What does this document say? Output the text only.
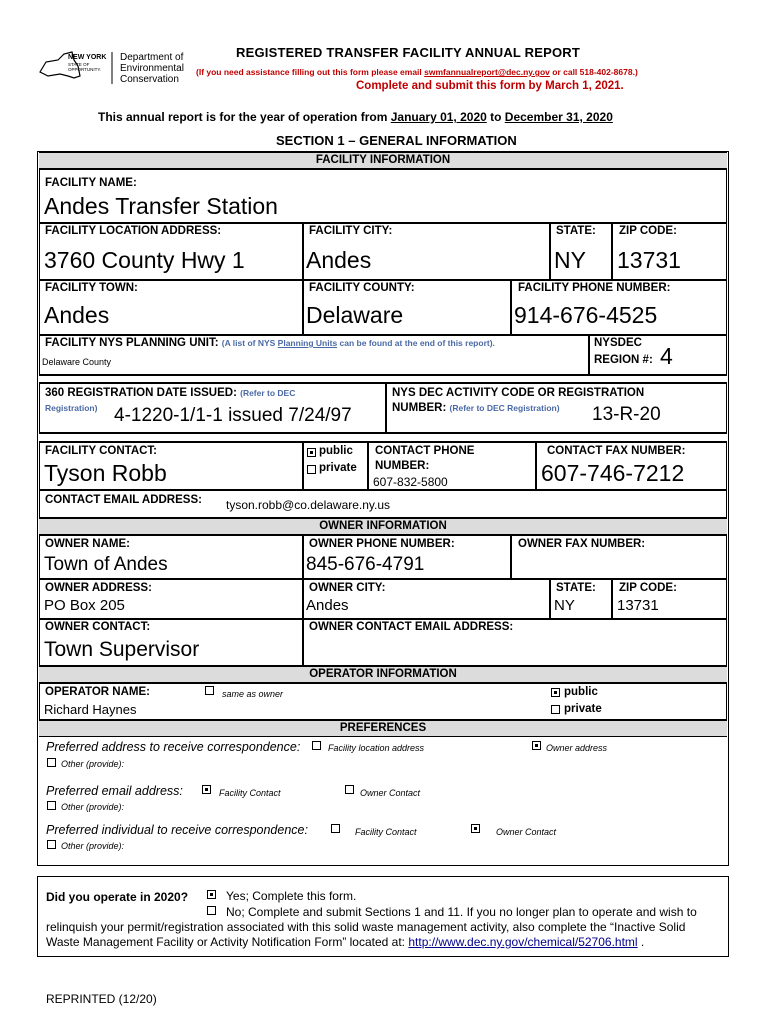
NEW YORK
STATE OF OPPORTUNITY.
Department of Environmental Conservation
REGISTERED TRANSFER FACILITY ANNUAL REPORT
(If you need assistance filling out this form please email swmfannualreport@dec.ny.gov or call 518-402-8678.)
Complete and submit this form by March 1, 2021.
This annual report is for the year of operation from January 01, 2020 to December 31, 2020
SECTION 1 – GENERAL INFORMATION
FACILITY INFORMATION
FACILITY NAME:
Andes Transfer Station
FACILITY LOCATION ADDRESS:	FACILITY CITY:	STATE: ZIP CODE:
3760 County Hwy 1	Andes	NY 13731
FACILITY TOWN:	FACILITY COUNTY:	FACILITY PHONE NUMBER:
Andes	Delaware	914-676-4525
FACILITY NYS PLANNING UNIT: (A list of NYS Planning Units can be found at the end of this report).
Delaware County
NYSDEC
REGION #: 4
360 REGISTRATION DATE ISSUED: (Refer to DEC
Registration) 4-1220-1/1-1 issued 7/24/97
NYS DEC ACTIVITY CODE OR REGISTRATION
NUMBER: (Refer to DEC Registration) 13-R-20
FACILITY CONTACT:
Tyson Robb
public
private
CONTACT PHONE
NUMBER:
607-832-5800
CONTACT FAX NUMBER:
607-746-7212
CONTACT EMAIL ADDRESS: tyson.robb@co.delaware.ny.us
OWNER INFORMATION
OWNER NAME:	OWNER PHONE NUMBER:	OWNER FAX NUMBER:
Town of Andes	845-676-4791
OWNER ADDRESS:	OWNER CITY:	STATE: ZIP CODE:
PO Box 205	Andes	NY	13731
OWNER CONTACT:	OWNER CONTACT EMAIL ADDRESS:
Town Supervisor
OPERATOR INFORMATION
OPERATOR NAME:	same as owner
Richard Haynes
public
private
PREFERENCES
Preferred address to receive correspondence:	Facility location address	Owner address
Other (provide):
Preferred email address:	Facility Contact	Owner Contact
Other (provide):
Preferred individual to receive correspondence:	Facility Contact	Owner Contact
Other (provide):
Did you operate in 2020?	Yes; Complete this form.
No; Complete and submit Sections 1 and 11. If you no longer plan to operate and wish to
relinquish your permit/registration associated with this solid waste management activity, also complete the “Inactive Solid
Waste Management Facility or Activity Notification Form” located at: http://www.dec.ny.gov/chemical/52706.html .
REPRINTED (12/20)
